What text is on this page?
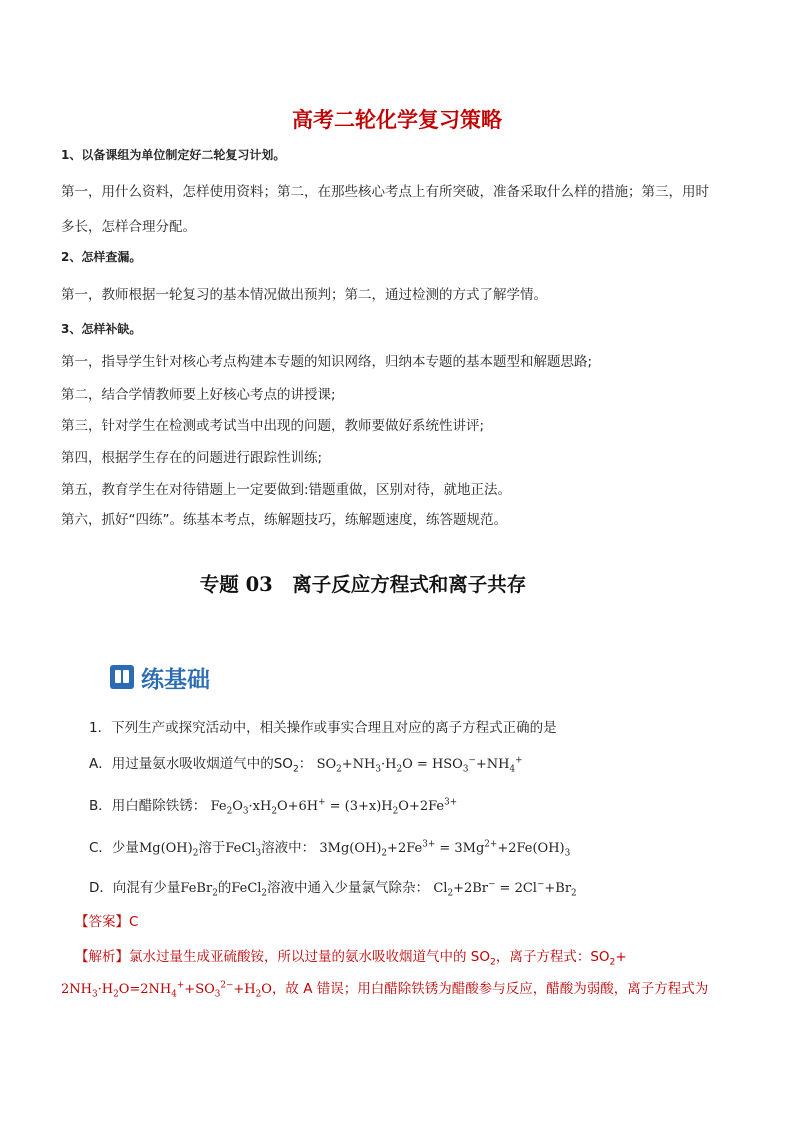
高考二轮化学复习策略
1、以备课组为单位制定好二轮复习计划。
第一，用什么资料，怎样使用资料；第二，在那些核心考点上有所突破，准备采取什么样的措施；第三，用时
多长，怎样合理分配。
2、怎样查漏。
第一，教师根据一轮复习的基本情况做出预判；第二，通过检测的方式了解学情。
3、怎样补缺。
第一，指导学生针对核心考点构建本专题的知识网络，归纳本专题的基本题型和解题思路;
第二，结合学情教师要上好核心考点的讲授课;
第三，针对学生在检测或考试当中出现的问题，教师要做好系统性讲评;
第四，根据学生存在的问题进行跟踪性训练;
第五，教育学生在对待错题上一定要做到:错题重做，区别对待，就地正法。
第六，抓好“四练”。练基本考点，练解题技巧，练解题速度，练答题规范。
专题 03　离子反应方程式和离子共存
练基础
1．下列生产或探究活动中，相关操作或事实合理且对应的离子方程式正确的是
A．用过量氨水吸收烟道气中的$SO_2$： $SO_2+NH_3\cdot H_2O = HSO_3^-+NH_4^+$
B．用白醋除铁锈： $Fe_2O_3\cdot xH_2O+6H^+ = (3+x)H_2O+2Fe^{3+}$
C．少量$Mg(OH)_2$溶于FeCl$_3$溶液中： $3Mg(OH)_2+2Fe^{3+} = 3Mg^{2+}+2Fe(OH)_3$
D．向混有少量FeBr$_2$的FeCl$_2$溶液中通入少量氯气除杂： $Cl_2+2Br^- = 2Cl^-+Br_2$
【答案】C
【解析】氯水过量生成亚硫酸铵，所以过量的氨水吸收烟道气中的 $SO_2$，离子方程式：$SO_2+$
$2NH_3\cdot H_2O=2NH_4^++SO_3^{2-}+H_2O$，故 A 错误；用白醋除铁锈为醋酸参与反应，醋酸为弱酸，离子方程式为
